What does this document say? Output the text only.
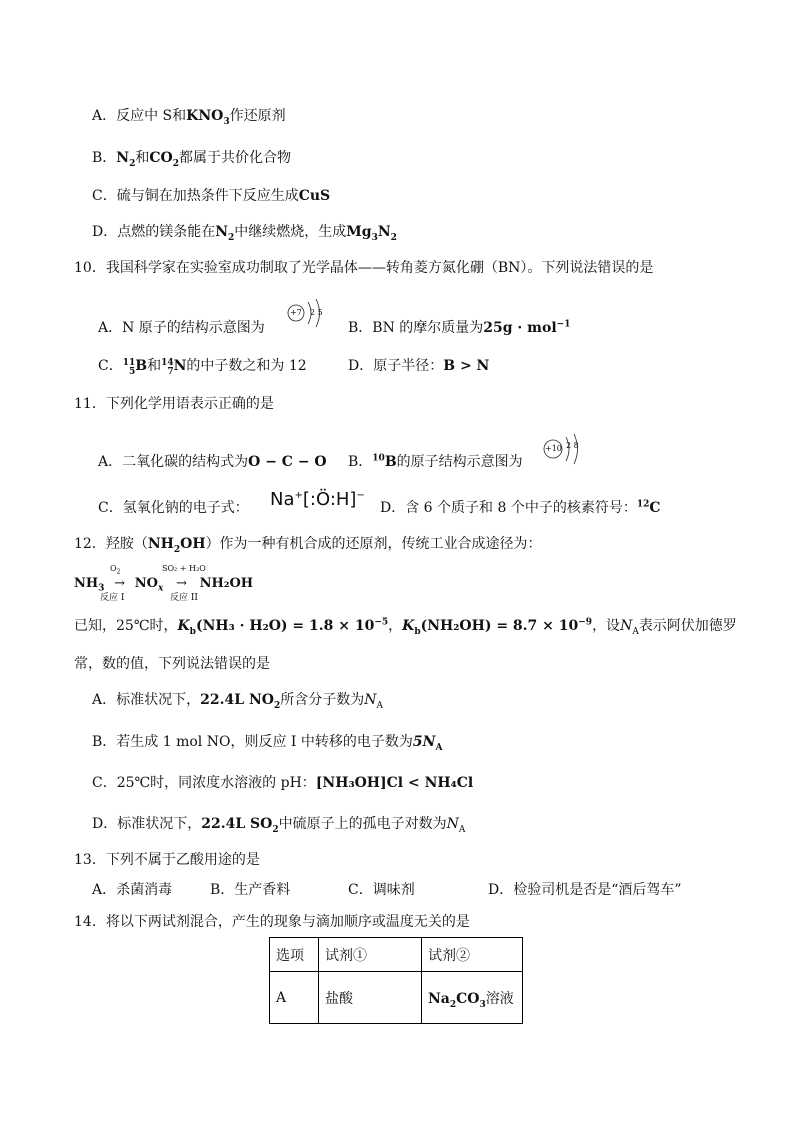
A．反应中 S和$KNO_3$作还原剂
B．$N_2$和$CO_2$都属于共价化合物
C．硫与铜在加热条件下反应生成CuS
D．点燃的镁条能在$N_2$中继续燃烧，生成$Mg_3N_2$
10．我国科学家在实验室成功制取了光学晶体——转角菱方氮化硼（BN）。下列说法错误的是
A．N 原子的结构示意图为
+7 2 5
B．BN 的摩尔质量为25g · mol$^{-1}$
C．11
5B和14
7N的中子数之和为 12	D．原子半径：B > N
11．下列化学用语表示正确的是
A．二氧化碳的结构式为O − C − O B．$^{10}$B的原子结构示意图为
+10 2 8
C．氢氧化钠的电子式： Na+[:Ö:H]−
D．含 6 个质子和 8 个中子的核素符号：$^{12}$C
12．羟胺$(NH_2OH)$作为一种有机合成的还原剂，传统工业合成途径为：
$O_2$	SO₂ + H₂O
$NH_3 \to NO_x \to NH_2OH$
反应 I	反应 II
已知，25℃时，$K_b(NH_3 \cdot H_2O) = 1.8 \times 10^{-5}$，$K_b(NH_2OH) = 8.7 \times 10^{-9}$，设$N_A$表示阿伏加德罗
常，数的值，下列说法错误的是
A．标准状况下，22.4L $NO_2$所含分子数为$N_A$
B．若生成 1 mol NO，则反应 I 中转移的电子数为$5N_A$
C．25℃时，同浓度水溶液的 pH：[NH₃OH]Cl < NH₄Cl
D．标准状况下，22.4L $SO_2$中硫原子上的孤电子对数为$N_A$
13．下列不属于乙酸用途的是
A．杀菌消毒	B．生产香料	C．调味剂	D．检验司机是否是“酒后驾车”
14．将以下两试剂混合，产生的现象与滴加顺序或温度无关的是
选项	试剂①	试剂②
A	盐酸	$Na_2CO_3$溶液
